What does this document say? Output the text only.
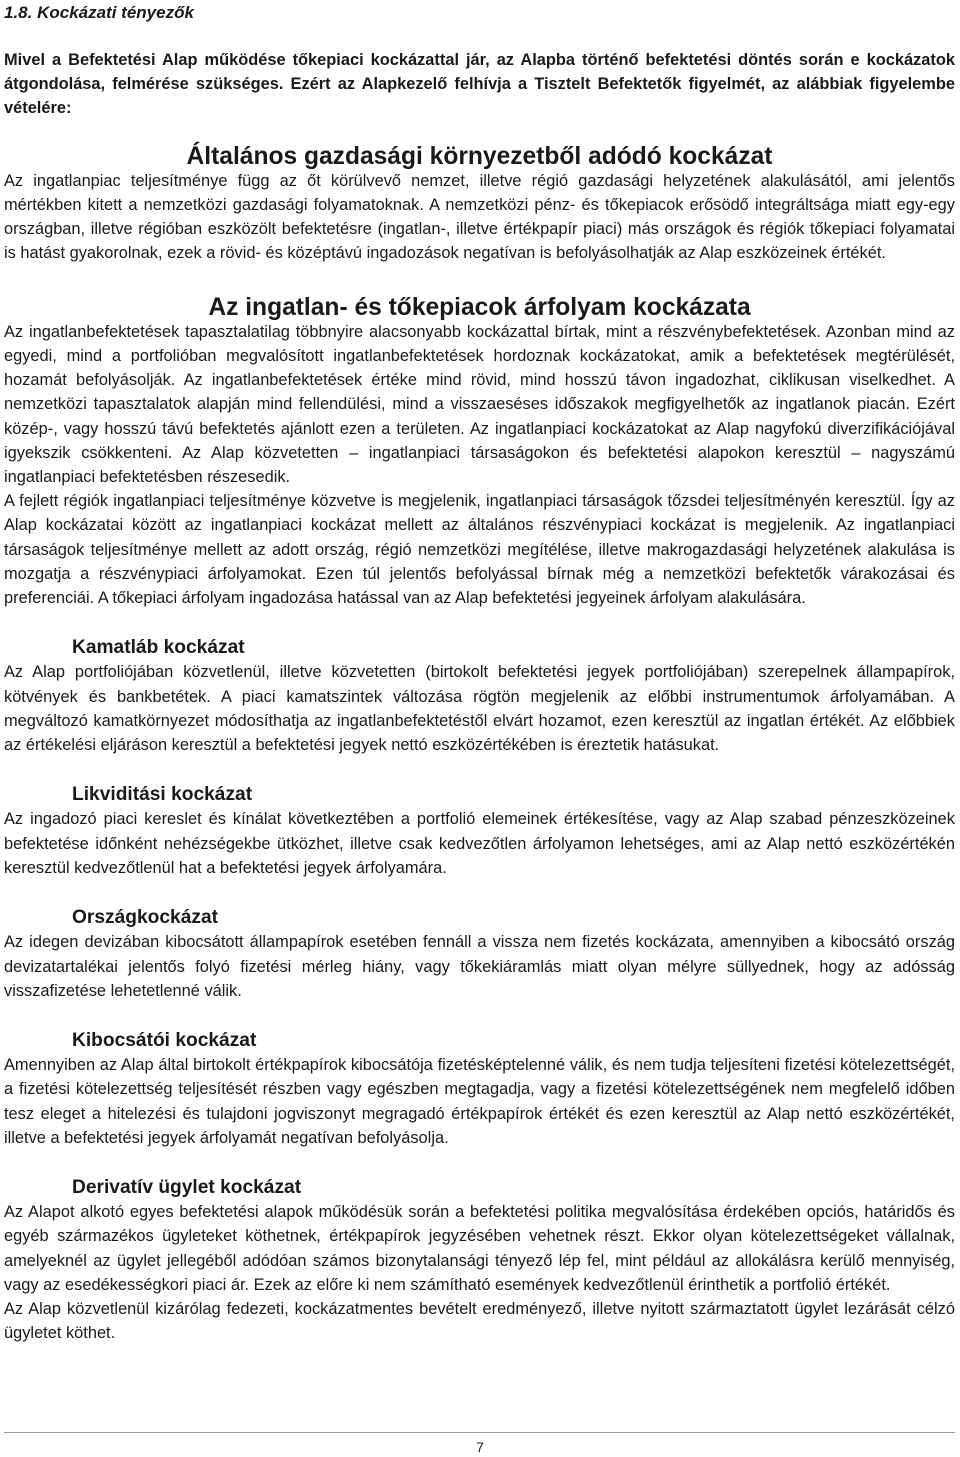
1.8. Kockázati tényezők

Mivel a Befektetési Alap működése tőkepiaci kockázattal jár, az Alapba történő befektetési döntés során e kockázatok átgondolása, felmérése szükséges. Ezért az Alapkezelő felhívja a Tisztelt Befektetők figyelmét, az alábbiak figyelembe vételére:

Általános gazdasági környezetből adódó kockázat

Az ingatlanpiac teljesítménye függ az őt körülvevő nemzet, illetve régió gazdasági helyzetének alakulásától, ami jelentős mértékben kitett a nemzetközi gazdasági folyamatoknak. A nemzetközi pénz- és tőkepiacok erősödő integráltsága miatt egy-egy országban, illetve régióban eszközölt befektetésre (ingatlan-, illetve értékpapír piaci) más országok és régiók tőkepiaci folyamatai is hatást gyakorolnak, ezek a rövid- és középtávú ingadozások negatívan is befolyásolhatják az Alap eszközeinek értékét.

Az ingatlan- és tőkepiacok árfolyam kockázata

Az ingatlanbefektetések tapasztalatilag többnyire alacsonyabb kockázattal bírtak, mint a részvénybefektetések. Azonban mind az egyedi, mind a portfolióban megvalósított ingatlanbefektetések hordoznak kockázatokat, amik a befektetések megtérülését, hozamát befolyásolják. Az ingatlanbefektetések értéke mind rövid, mind hosszú távon ingadozhat, ciklikusan viselkedhet. A nemzetközi tapasztalatok alapján mind fellendülési, mind a visszaeséses időszakok megfigyelhetők az ingatlanok piacán. Ezért közép-, vagy hosszú távú befektetés ajánlott ezen a területen. Az ingatlanpiaci kockázatokat az Alap nagyfokú diverzifikációjával igyekszik csökkenteni. Az Alap közvetetten – ingatlanpiaci társaságokon és befektetési alapokon keresztül – nagyszámú ingatlanpiaci befektetésben részesedik.

A fejlett régiók ingatlanpiaci teljesítménye közvetve is megjelenik, ingatlanpiaci társaságok tőzsdei teljesítményén keresztül. Így az Alap kockázatai között az ingatlanpiaci kockázat mellett az általános részvénypiaci kockázat is megjelenik. Az ingatlanpiaci társaságok teljesítménye mellett az adott ország, régió nemzetközi megítélése, illetve makrogazdasági helyzetének alakulása is mozgatja a részvénypiaci árfolyamokat. Ezen túl jelentős befolyással bírnak még a nemzetközi befektetők várakozásai és preferenciái. A tőkepiaci árfolyam ingadozása hatással van az Alap befektetési jegyeinek árfolyam alakulására.

Kamatláb kockázat

Az Alap portfoliójában közvetlenül, illetve közvetetten (birtokolt befektetési jegyek portfoliójában) szerepelnek állampapírok, kötvények és bankbetétek. A piaci kamatszintek változása rögtön megjelenik az előbbi instrumentumok árfolyamában. A megváltozó kamatkörnyezet módosíthatja az ingatlanbefektetéstől elvárt hozamot, ezen keresztül az ingatlan értékét. Az előbbiek az értékelési eljáráson keresztül a befektetési jegyek nettó eszközértékében is éreztetik hatásukat.

Likviditási kockázat

Az ingadozó piaci kereslet és kínálat következtében a portfolió elemeinek értékesítése, vagy az Alap szabad pénzeszközeinek befektetése időnként nehézségekbe ütközhet, illetve csak kedvezőtlen árfolyamon lehetséges, ami az Alap nettó eszközértékén keresztül kedvezőtlenül hat a befektetési jegyek árfolyamára.

Országkockázat

Az idegen devizában kibocsátott állampapírok esetében fennáll a vissza nem fizetés kockázata, amennyiben a kibocsátó ország devizatartalékai jelentős folyó fizetési mérleg hiány, vagy tőkekiáramlás miatt olyan mélyre süllyednek, hogy az adósság visszafizetése lehetetlenné válik.

Kibocsátói kockázat

Amennyiben az Alap által birtokolt értékpapírok kibocsátója fizetésképtelenné válik, és nem tudja teljesíteni fizetési kötelezettségét, a fizetési kötelezettség teljesítését részben vagy egészben megtagadja, vagy a fizetési kötelezettségének nem megfelelő időben tesz eleget a hitelezési és tulajdoni jogviszonyt megragadó értékpapírok értékét és ezen keresztül az Alap nettó eszközértékét, illetve a befektetési jegyek árfolyamát negatívan befolyásolja.

Derivatív ügylet kockázat

Az Alapot alkotó egyes befektetési alapok működésük során a befektetési politika megvalósítása érdekében opciós, határidős és egyéb származékos ügyleteket köthetnek, értékpapírok jegyzésében vehetnek részt. Ekkor olyan kötelezettségeket vállalnak, amelyeknél az ügylet jellegéből adódóan számos bizonytalansági tényező lép fel, mint például az allokálásra kerülő mennyiség, vagy az esedékességkori piaci ár. Ezek az előre ki nem számítható események kedvezőtlenül érinthetik a portfolió értékét.

Az Alap közvetlenül kizárólag fedezeti, kockázatmentes bevételt eredményező, illetve nyitott származtatott ügylet lezárását célzó ügyletet köthet.

7
